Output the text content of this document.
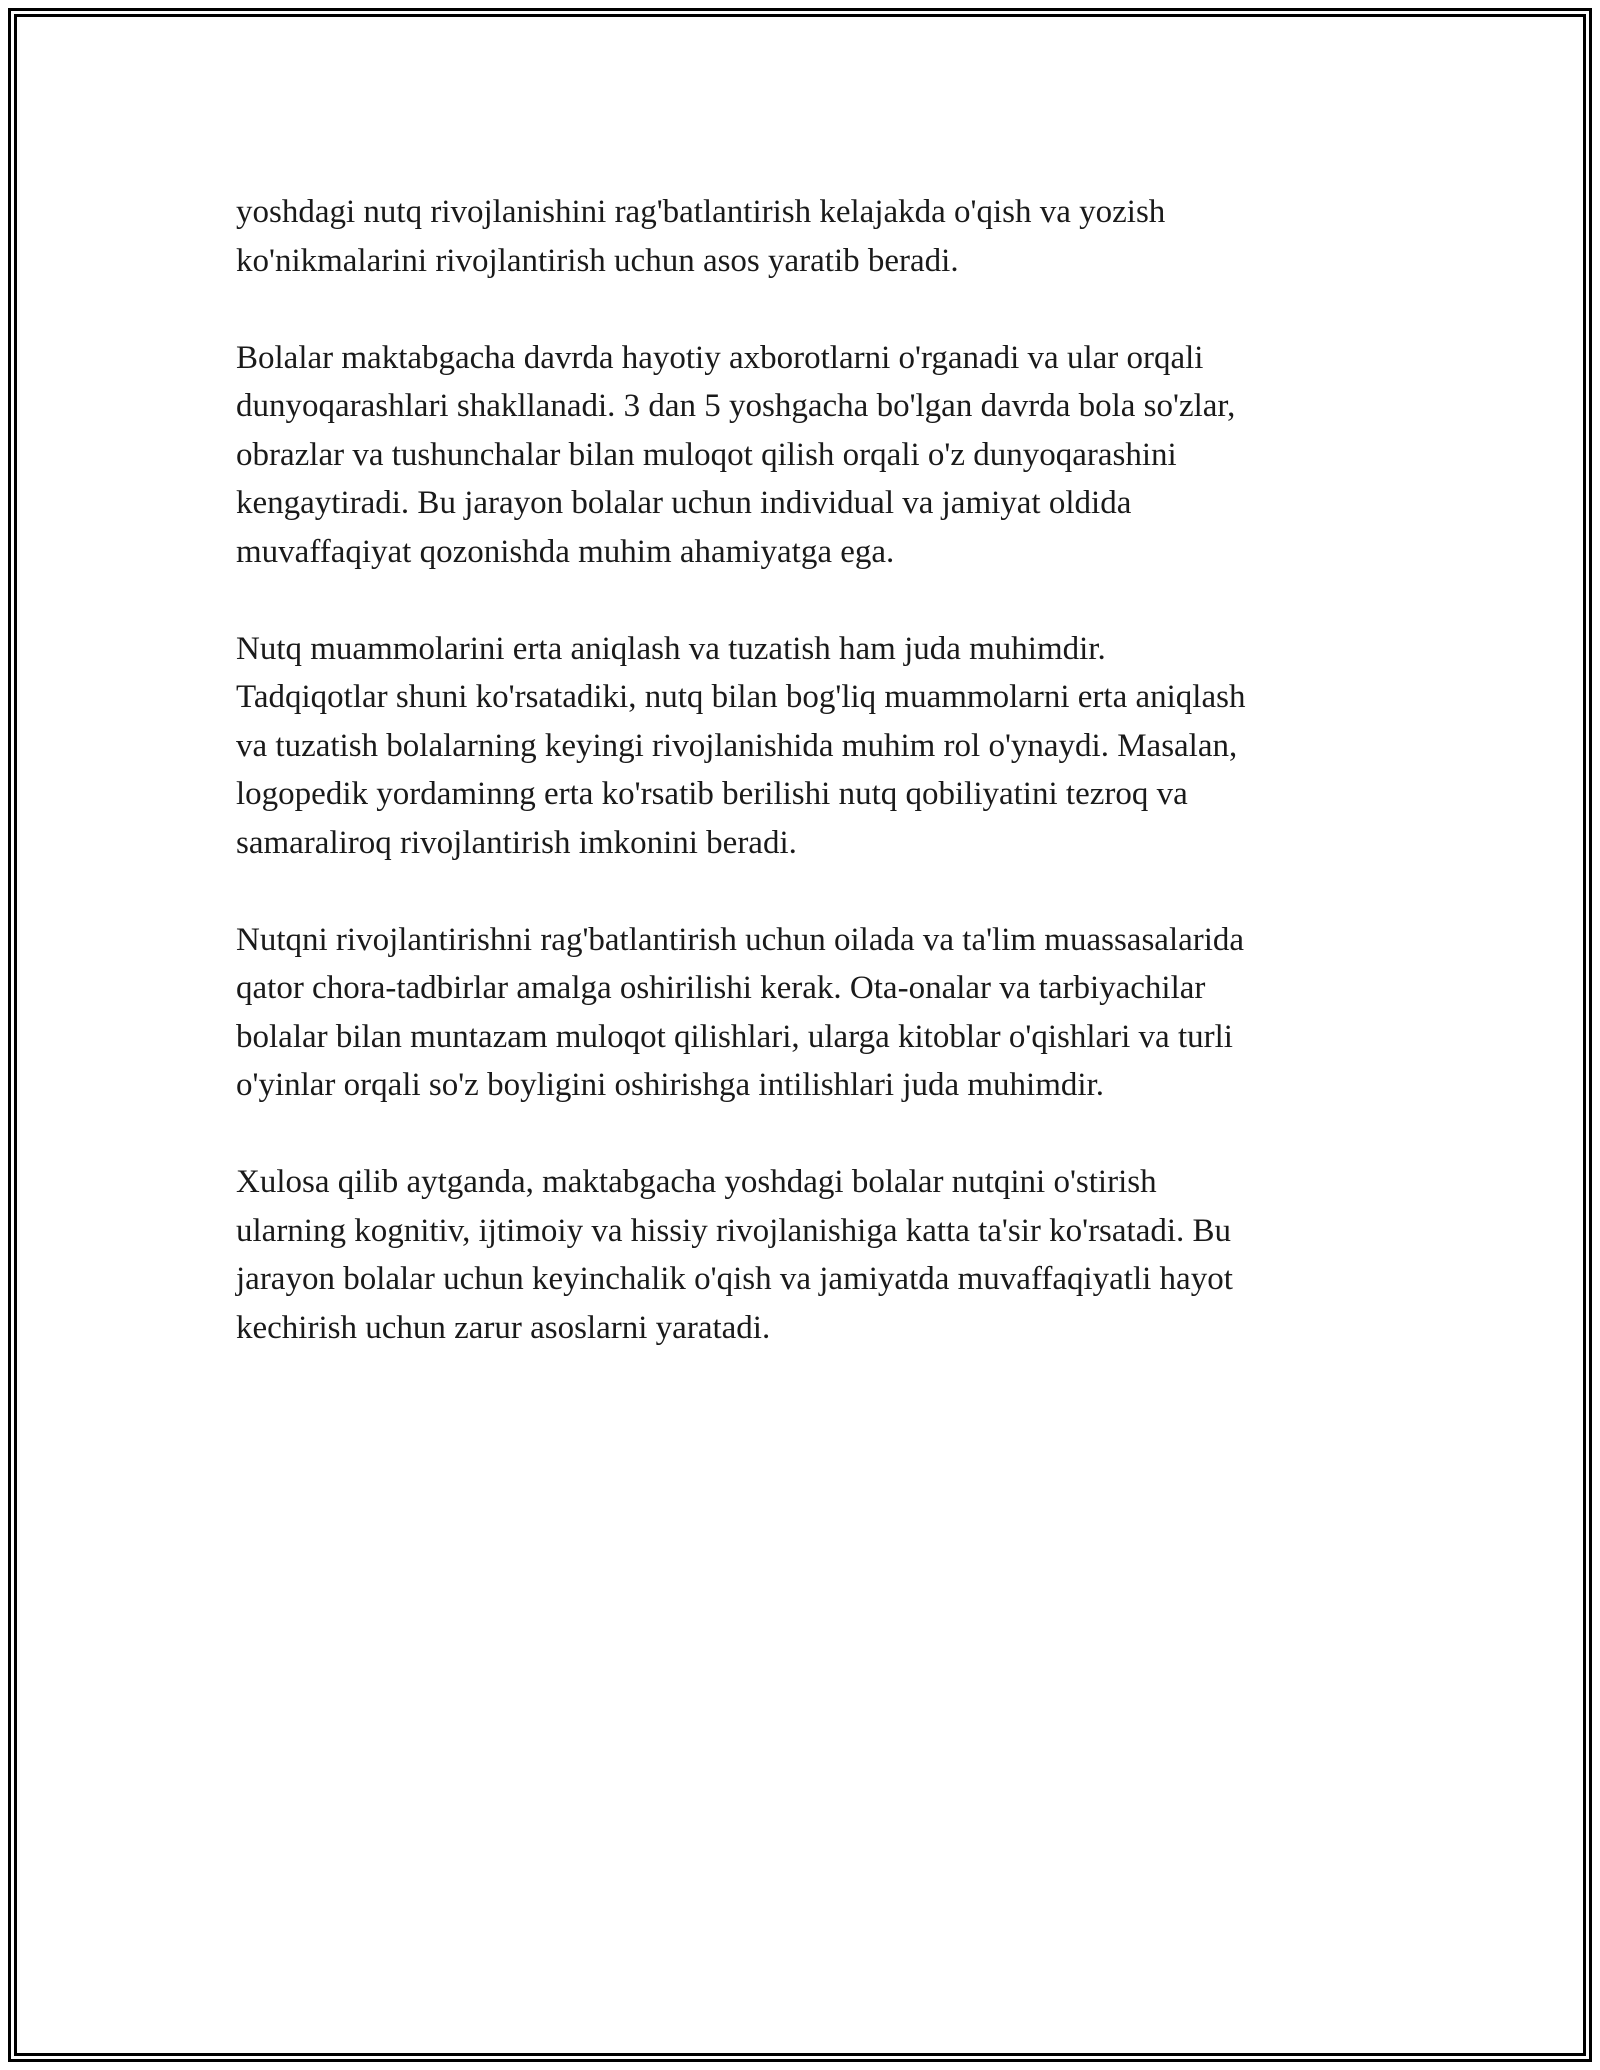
yoshdagi nutq rivojlanishini rag'batlantirish kelajakda o'qish va yozish
ko'nikmalarini rivojlantirish uchun asos yaratib beradi.

Bolalar maktabgacha davrda hayotiy axborotlarni o'rganadi va ular orqali
dunyoqarashlari shakllanadi. 3 dan 5 yoshgacha bo'lgan davrda bola so'zlar,
obrazlar va tushunchalar bilan muloqot qilish orqali o'z dunyoqarashini
kengaytiradi. Bu jarayon bolalar uchun individual va jamiyat oldida
muvaffaqiyat qozonishda muhim ahamiyatga ega.

Nutq muammolarini erta aniqlash va tuzatish ham juda muhimdir.
Tadqiqotlar shuni ko'rsatadiki, nutq bilan bog'liq muammolarni erta aniqlash
va tuzatish bolalarning keyingi rivojlanishida muhim rol o'ynaydi. Masalan,
logopedik yordaminng erta ko'rsatib berilishi nutq qobiliyatini tezroq va
samaraliroq rivojlantirish imkonini beradi.

Nutqni rivojlantirishni rag'batlantirish uchun oilada va ta'lim muassasalarida
qator chora-tadbirlar amalga oshirilishi kerak. Ota-onalar va tarbiyachilar
bolalar bilan muntazam muloqot qilishlari, ularga kitoblar o'qishlari va turli
o'yinlar orqali so'z boyligini oshirishga intilishlari juda muhimdir.

Xulosa qilib aytganda, maktabgacha yoshdagi bolalar nutqini o'stirish
ularning kognitiv, ijtimoiy va hissiy rivojlanishiga katta ta'sir ko'rsatadi. Bu
jarayon bolalar uchun keyinchalik o'qish va jamiyatda muvaffaqiyatli hayot
kechirish uchun zarur asoslarni yaratadi.
